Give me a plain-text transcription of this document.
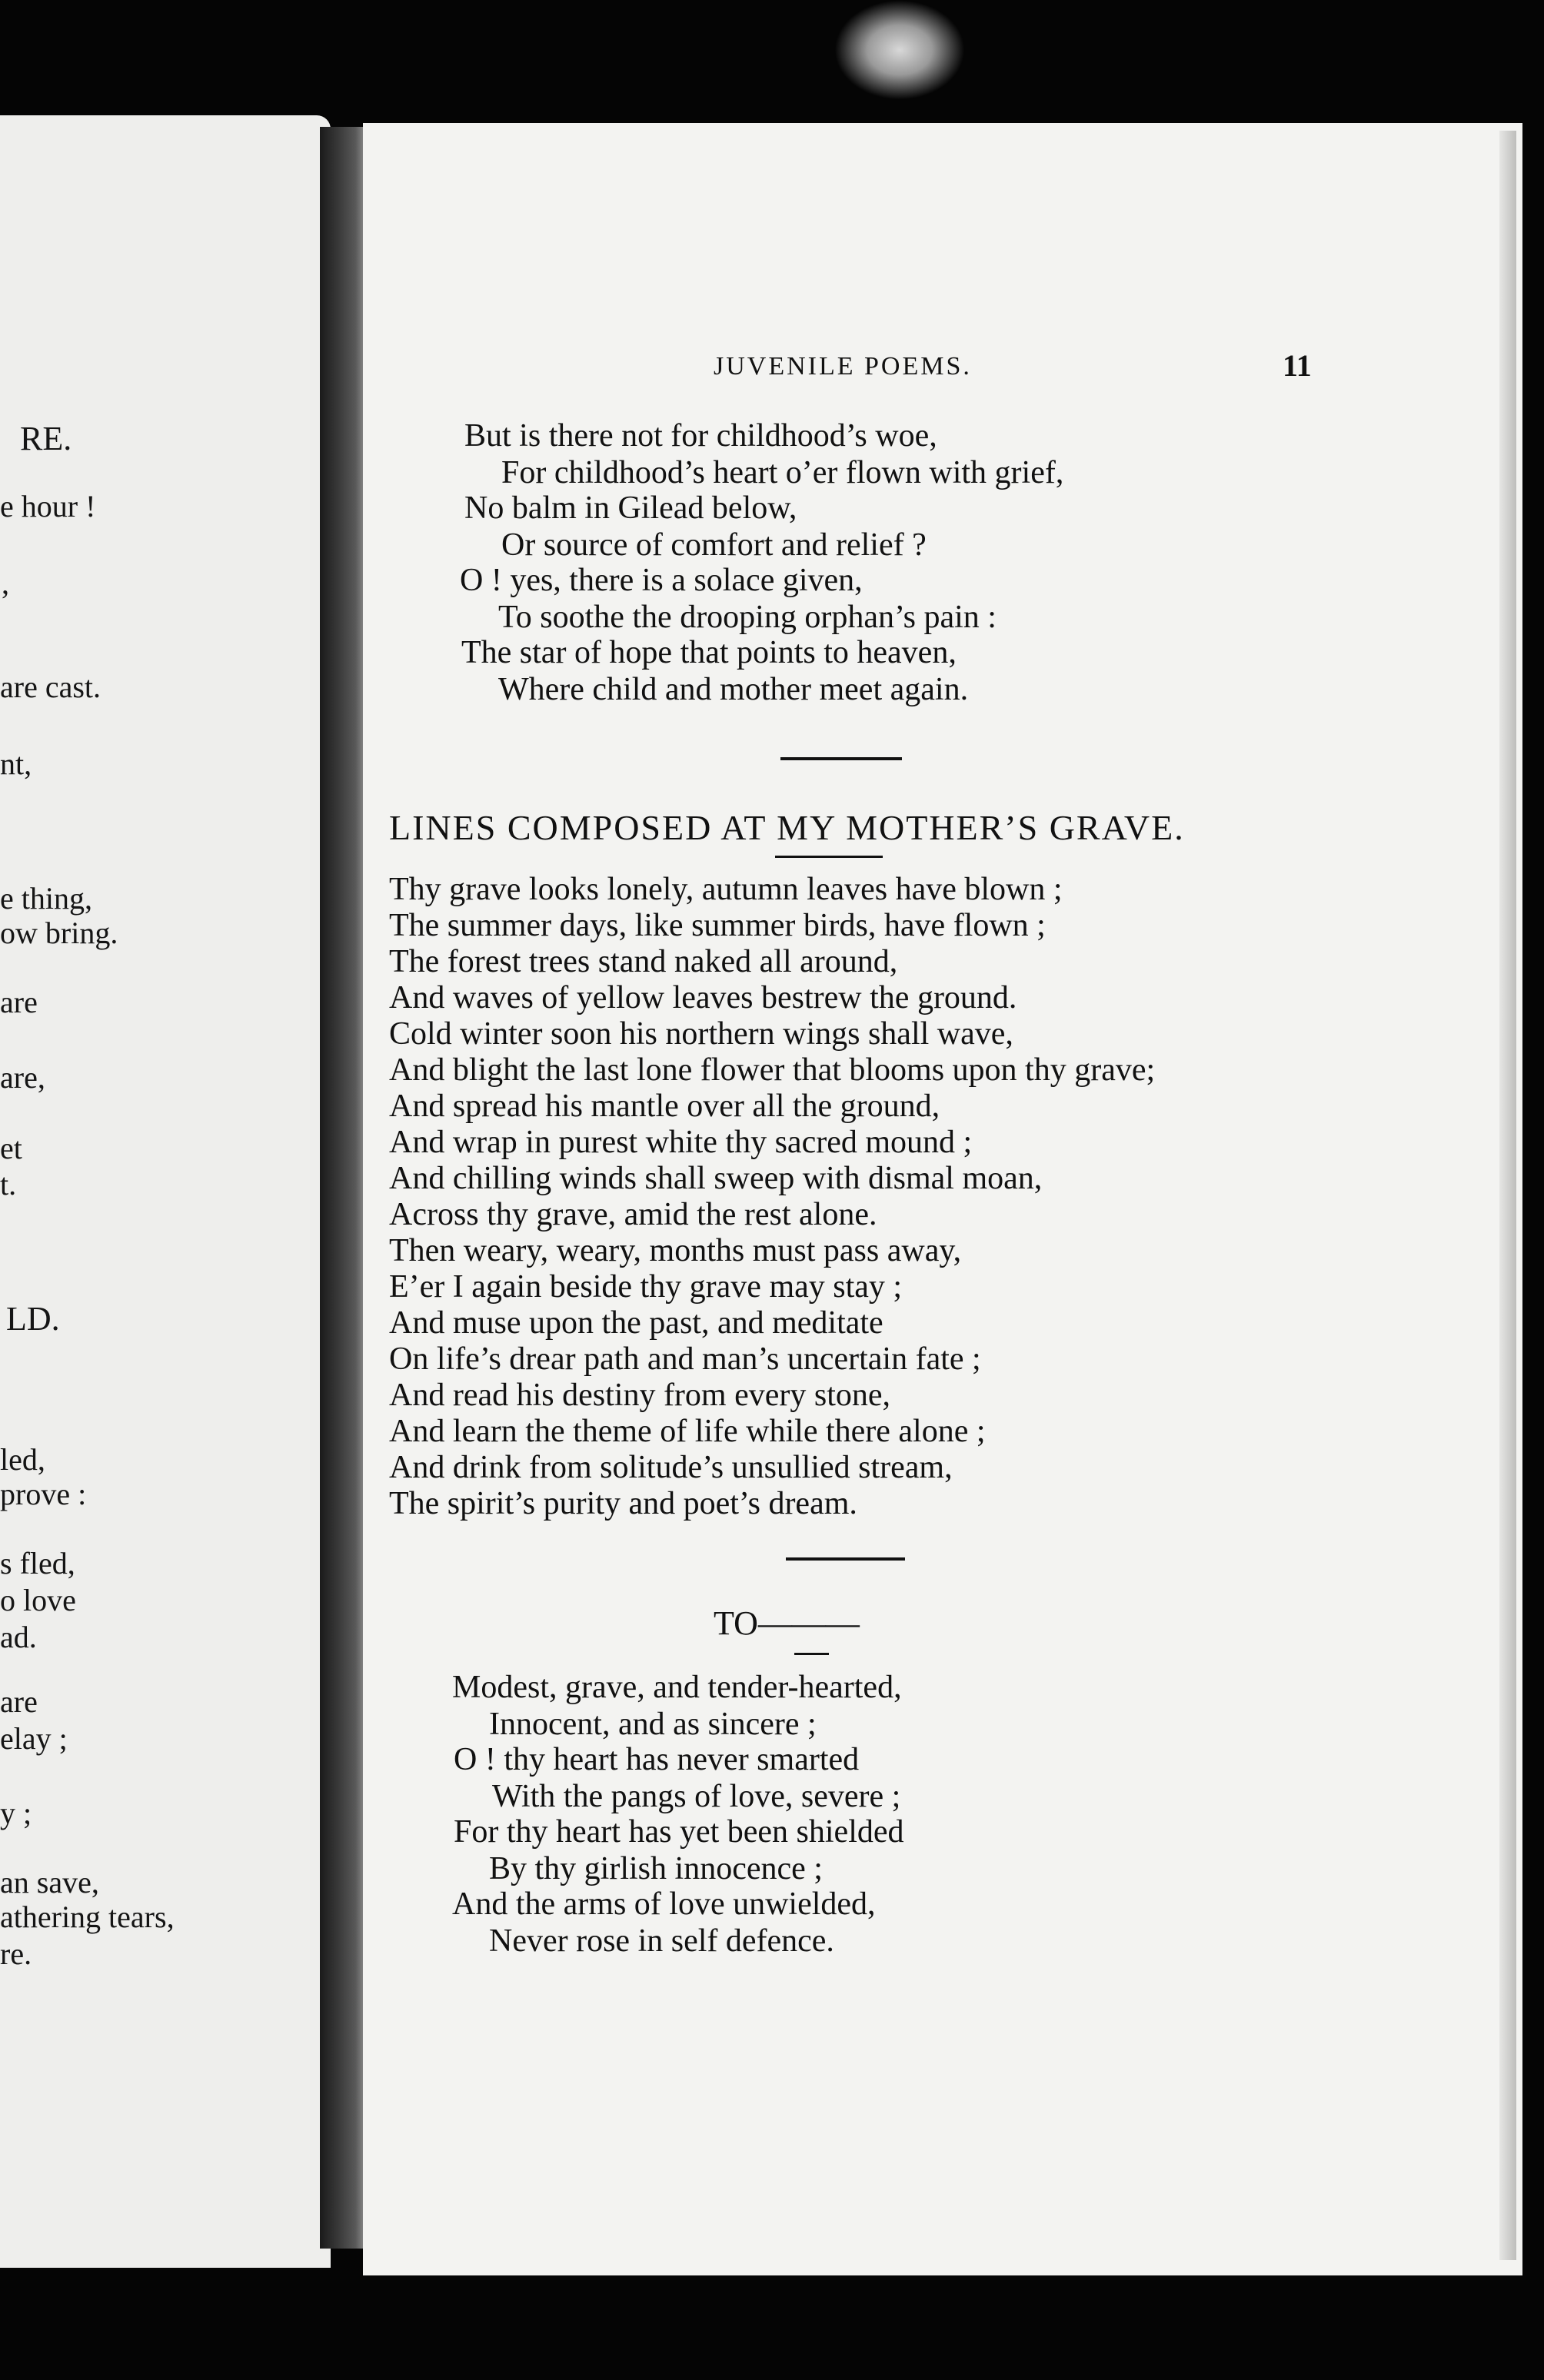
RE.
e hour !
,
are cast.
nt,
e thing,
ow bring.
are
are,
et
t.
LD.
led,
prove :
s fled,
o love
ad.
are
elay ;
y ;
an save,
athering tears,
re.
JUVENILE POEMS.	11
But is there not for childhood’s woe,
For childhood’s heart o’er flown with grief,
No balm in Gilead below,
Or source of comfort and relief ?
O ! yes, there is a solace given,
To soothe the drooping orphan’s pain :
The star of hope that points to heaven,
Where child and mother meet again.
LINES COMPOSED AT MY MOTHER’S GRAVE.
Thy grave looks lonely, autumn leaves have blown ;
The summer days, like summer birds, have flown ;
The forest trees stand naked all around,
And waves of yellow leaves bestrew the ground.
Cold winter soon his northern wings shall wave,
And blight the last lone flower that blooms upon thy grave;
And spread his mantle over all the ground,
And wrap in purest white thy sacred mound ;
And chilling winds shall sweep with dismal moan,
Across thy grave, amid the rest alone.
Then weary, weary, months must pass away,
E’er I again beside thy grave may stay ;
And muse upon the past, and meditate
On life’s drear path and man’s uncertain fate ;
And read his destiny from every stone,
And learn the theme of life while there alone ;
And drink from solitude’s unsullied stream,
The spirit’s purity and poet’s dream.
TO———
Modest, grave, and tender-hearted,
Innocent, and as sincere ;
O ! thy heart has never smarted
With the pangs of love, severe ;
For thy heart has yet been shielded
By thy girlish innocence ;
And the arms of love unwielded,
Never rose in self defence.
